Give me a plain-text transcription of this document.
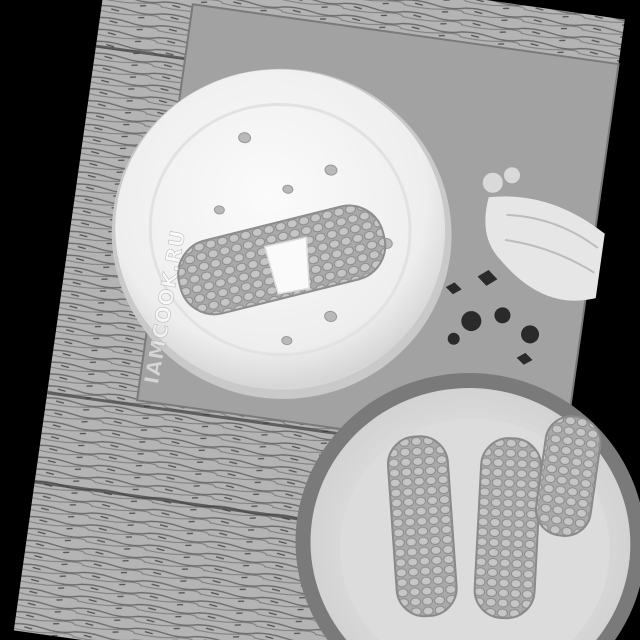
IAMCOOK.RU
